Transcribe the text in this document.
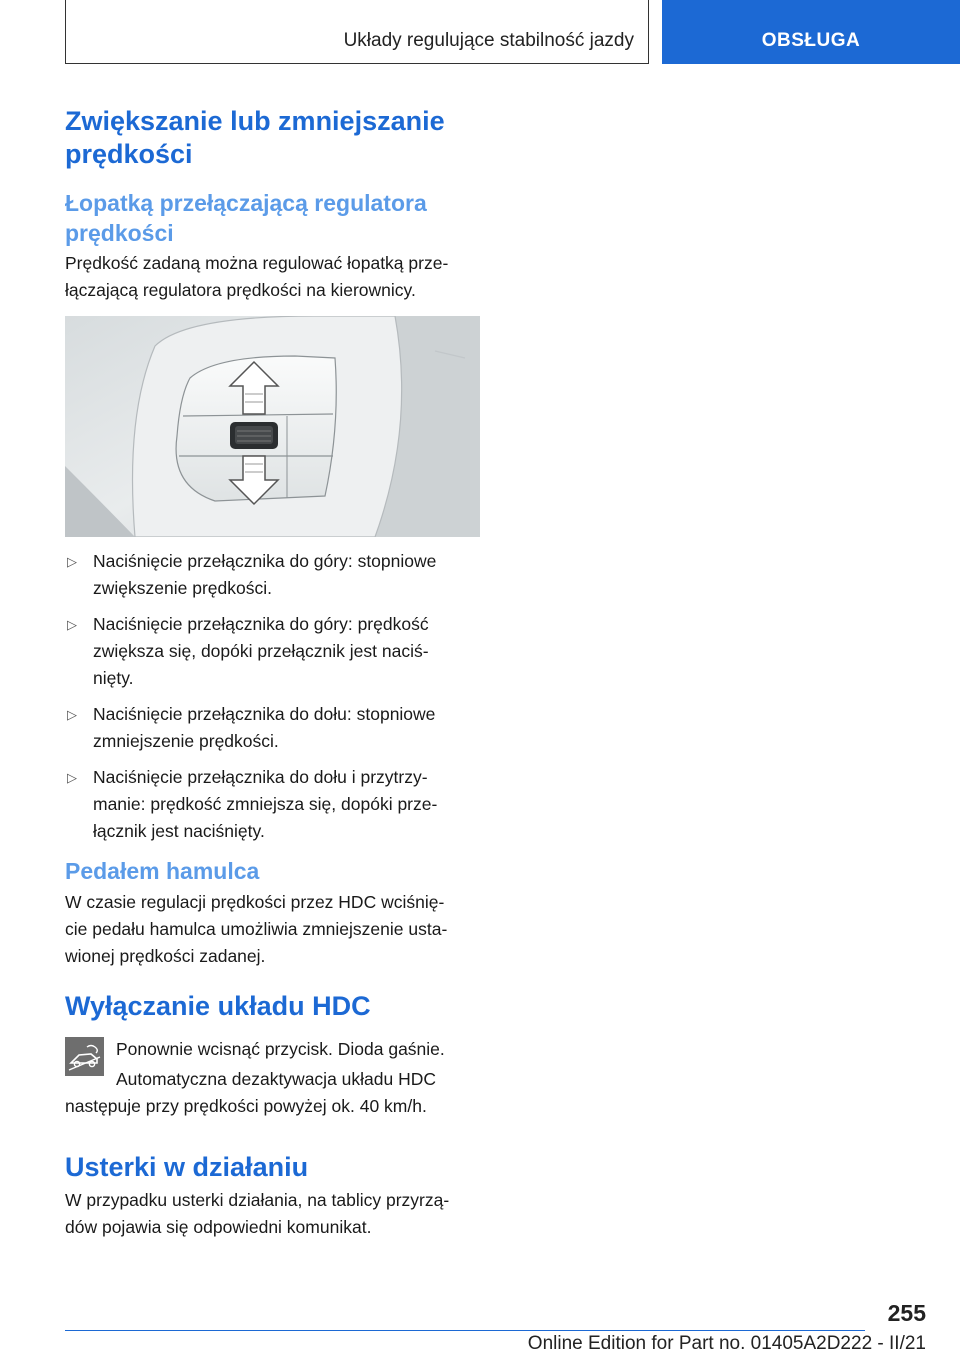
Układy regulujące stabilność jazdy	OBSŁUGA
Zwiększanie lub zmniejszanie
prędkości
Łopatką przełączającą regulatora
prędkości

Prędkość zadaną można regulować łopatką prze-
łączającą regulatora prędkości na kierownicy.

▷ Naciśnięcie przełącznika do góry: stopniowe
zwiększenie prędkości.
▷ Naciśnięcie przełącznika do góry: prędkość
zwiększa się, dopóki przełącznik jest naciś-
nięty.
▷ Naciśnięcie przełącznika do dołu: stopniowe
zmniejszenie prędkości.
▷ Naciśnięcie przełącznika do dołu i przytrzy-
manie: prędkość zmniejsza się, dopóki prze-
łącznik jest naciśnięty.
Pedałem hamulca

W czasie regulacji prędkości przez HDC wciśnię-
cie pedału hamulca umożliwia zmniejszenie usta-
wionej prędkości zadanej.

Wyłączanie układu HDC

Ponownie wcisnąć przycisk. Dioda gaśnie.

Automatyczna dezaktywacja układu HDC

następuje przy prędkości powyżej ok. 40 km/h.

Usterki w działaniu

W przypadku usterki działania, na tablicy przyrzą-
dów pojawia się odpowiedni komunikat.

255
Online Edition for Part no. 01405A2D222 - II/21
